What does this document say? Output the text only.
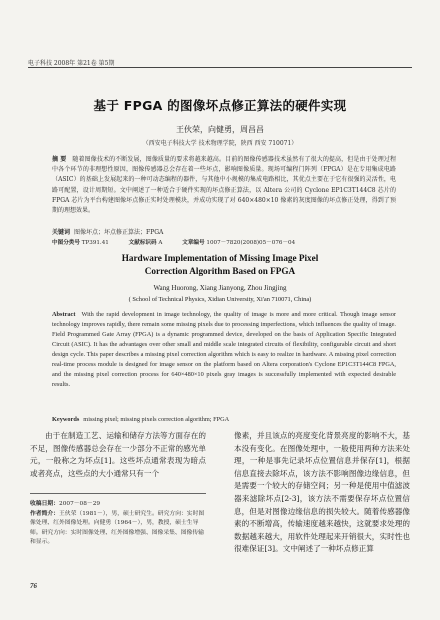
电子科技 2008年 第21卷 第5期
基于 FPGA 的图像坏点修正算法的硬件实现
王伙荣，向健勇，周昌昌
（西安电子科技大学 技术物理学院，陕西 西安 710071）
摘 要 随着图像技术的不断发展，图像质量的要求将越来越高。目前的图像传感器技术虽然有了很大的提高，但是由于处理过程中各个环节的非理想性原因，图像传感器总会存在着一些坏点，影响图像质量。现场可编程门阵列（FPGA）是在专用集成电路（ASIC）的基础上发展起来的一种可动态编程的器件，与其他中小规模的集成电路相比，其优点主要在于它有很强的灵活性，电路可配置，设计周期短。文中阐述了一种适合于硬件实现的坏点修正算法，以 Altera 公司的 Cyclone EP1C3T144C8 芯片的 FPGA 芯片为平台构建图像坏点修正实时处理模块，并成功实现了对 640×480×10 像素的灰度图像的坏点修正处理，得到了预期的理想效果。
关键词 图像坏点；坏点修正算法；FPGA
中图分类号 TP391.41	文献标识码 A	文章编号 1007－7820(2008)05－076－04
Hardware Implementation of Missing Image Pixel
Correction Algorithm Based on FPGA
Wang Huorong, Xiang Jianyong, Zhou Jingjing
( School of Technical Physics, Xidian University, Xi'an 710071, China)
Abstract With the rapid development in image technology, the quality of image is more and more critical. Though image sensor technology improves rapidly, there remain some missing pixels due to processing imperfections, which influences the quality of image. Field Programmed Gate Array (FPGA) is a dynamic programmed device, developed on the basis of Application Specific Integrated Circuit (ASIC). It has the advantages over other small and middle scale integrated circuits of flexibility, configurable circuit and short design cycle. This paper describes a missing pixel correction algorithm which is easy to realize in hardware. A missing pixel correction real-time process module is designed for image sensor on the platform based on Altera corporation's Cyclone EP1C3T144C8 FPGA, and the missing pixel correction process for 640×480×10 pixels gray images is successfully implemented with expected desirable results.
Keywords missing pixel; missing pixels correction algorithm; FPGA

由于在制造工艺、运输和储存方法等方面存在的不足，图像传感器总会存在一少部分不正常的感光单元，一般称之为坏点[1]。这些坏点通常表现为暗点或者亮点，这些点的大小通常只有一个

收稿日期：2007－08－29

作者简介：王伙荣（1981－），男，硕士研究生。研究方向：实时图像处理、红外图像处理。向健勇（1964－），男，教授，硕士生导师。研究方向：实时图像处理、红外图像增强、图像采集、图像传输和显示。

像素，并且该点的亮度变化背景亮度的影响不大，基本没有变化。在图像处理中，一般使用两种方法来处理，一种是事先记录坏点位置信息并保存[1]，根据信息直接去除坏点，该方法不影响图像边缘信息，但是需要一个较大的存储空间；另一种是使用中值滤波器来滤除坏点[2-3]，该方法不需要保存坏点位置信息，但是对图像边缘信息的损失较大。随着传感器像素的不断增高，传输速度越来越快，这就要求处理的数据越来越大，用软件处理起来开销很大，实时性也很难保证[3]。文中阐述了一种坏点修正算

76
